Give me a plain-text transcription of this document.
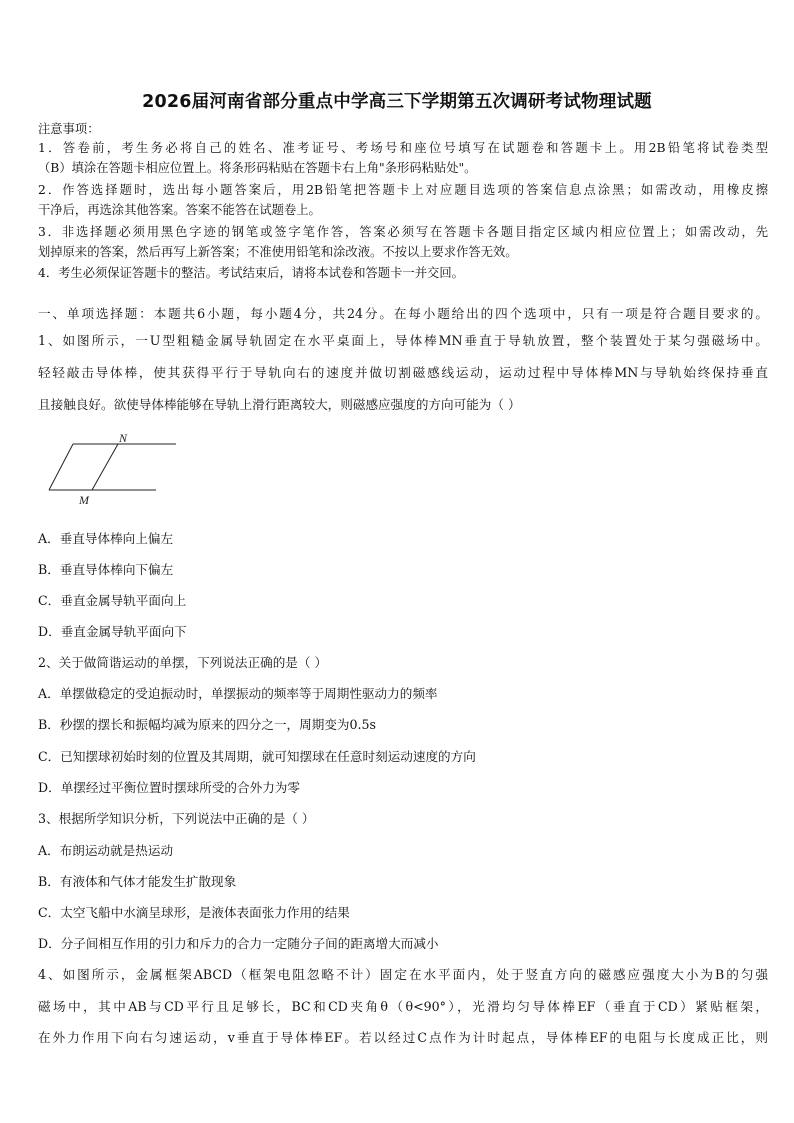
2026届河南省部分重点中学高三下学期第五次调研考试物理试题
注意事项：
1．答卷前，考生务必将自己的姓名、准考证号、考场号和座位号填写在试题卷和答题卡上。用2B铅笔将试卷类型
（B）填涂在答题卡相应位置上。将条形码粘贴在答题卡右上角"条形码粘贴处"。
2．作答选择题时，选出每小题答案后，用2B铅笔把答题卡上对应题目选项的答案信息点涂黑；如需改动，用橡皮擦
干净后，再选涂其他答案。答案不能答在试题卷上。
3．非选择题必须用黑色字迹的钢笔或签字笔作答，答案必须写在答题卡各题目指定区域内相应位置上；如需改动，先
划掉原来的答案，然后再写上新答案；不准使用铅笔和涂改液。不按以上要求作答无效。
4．考生必须保证答题卡的整洁。考试结束后，请将本试卷和答题卡一并交回。
一、单项选择题：本题共6小题，每小题4分，共24分。在每小题给出的四个选项中，只有一项是符合题目要求的。
1、如图所示，一U型粗糙金属导轨固定在水平桌面上，导体棒MN垂直于导轨放置，整个装置处于某匀强磁场中。
轻轻敲击导体棒，使其获得平行于导轨向右的速度并做切割磁感线运动，运动过程中导体棒MN与导轨始终保持垂直
且接触良好。欲使导体棒能够在导轨上滑行距离较大，则磁感应强度的方向可能为（ ）
N
M
A．垂直导体棒向上偏左
B．垂直导体棒向下偏左
C．垂直金属导轨平面向上
D．垂直金属导轨平面向下
2、关于做简谐运动的单摆，下列说法正确的是（ ）
A．单摆做稳定的受迫振动时，单摆振动的频率等于周期性驱动力的频率
B．秒摆的摆长和振幅均减为原来的四分之一，周期变为0.5s
C．已知摆球初始时刻的位置及其周期，就可知摆球在任意时刻运动速度的方向
D．单摆经过平衡位置时摆球所受的合外力为零
3、根据所学知识分析，下列说法中正确的是（ ）
A．布朗运动就是热运动
B．有液体和气体才能发生扩散现象
C．太空飞船中水滴呈球形，是液体表面张力作用的结果
D．分子间相互作用的引力和斥力的合力一定随分子间的距离增大而减小
4、如图所示，金属框架ABCD（框架电阻忽略不计）固定在水平面内，处于竖直方向的磁感应强度大小为B的匀强
磁场中，其中AB与CD平行且足够长，BC和CD夹角θ（θ<90°），光滑均匀导体棒EF（垂直于CD）紧贴框架，
在外力作用下向右匀速运动，v垂直于导体棒EF。若以经过C点作为计时起点，导体棒EF的电阻与长度成正比，则
